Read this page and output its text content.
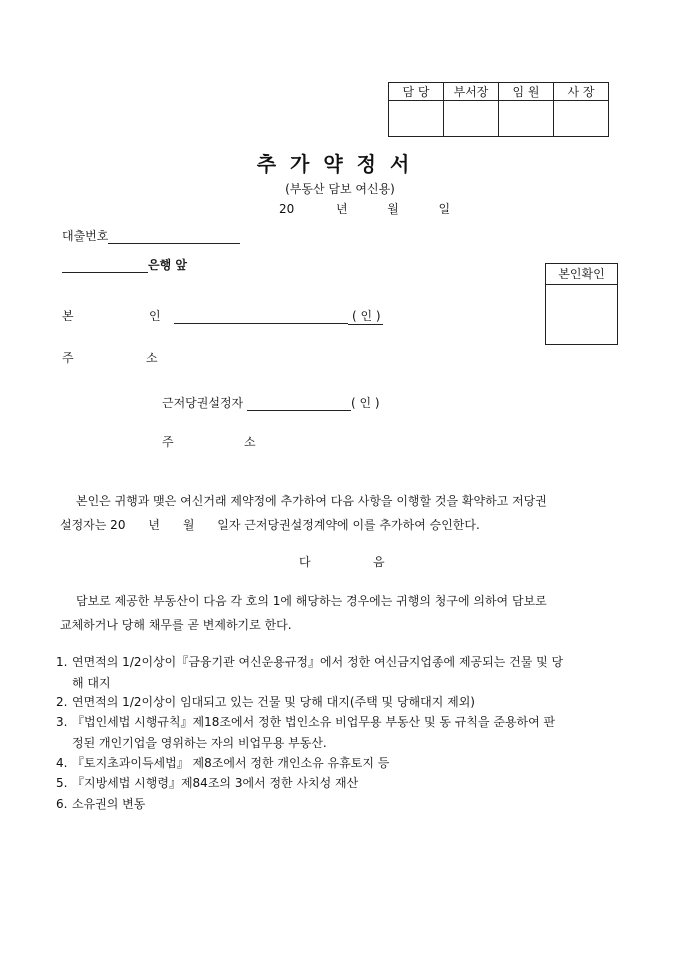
담 당	부서장	임 원	사 장

추가약정서
(부동산 담보 여신용)
20	년	월	일
대출번호
은행 앞
본인확인
본	인	( 인 )
주	소
근저당권설정자	( 인 )
주	소
본인은 귀행과 맺은 여신거래 제약정에 추가하여 다음 사항을 이행할 것을 확약하고 저당권
설정자는 20      년      월      일자 근저당권설정계약에 이를 추가하여 승인한다.
다	음
담보로 제공한 부동산이 다음 각 호의 1에 해당하는 경우에는 귀행의 청구에 의하여 담보로
교체하거나 당해 채무를 곧 변제하기로 한다.
1. 연면적의 1/2이상이『금융기관 여신운용규정』에서 정한 여신금지업종에 제공되는 건물 및 당
해 대지
2. 연면적의 1/2이상이 임대되고 있는 건물 및 당해 대지(주택 및 당해대지 제외)
3. 『법인세법 시행규칙』제18조에서 정한 법인소유 비업무용 부동산 및 동 규칙을 준용하여 판
정된 개인기업을 영위하는 자의 비업무용 부동산.
4. 『토지초과이득세법』 제8조에서 정한 개인소유 유휴토지 등
5. 『지방세법 시행령』제84조의 3에서 정한 사치성 재산
6. 소유권의 변동
